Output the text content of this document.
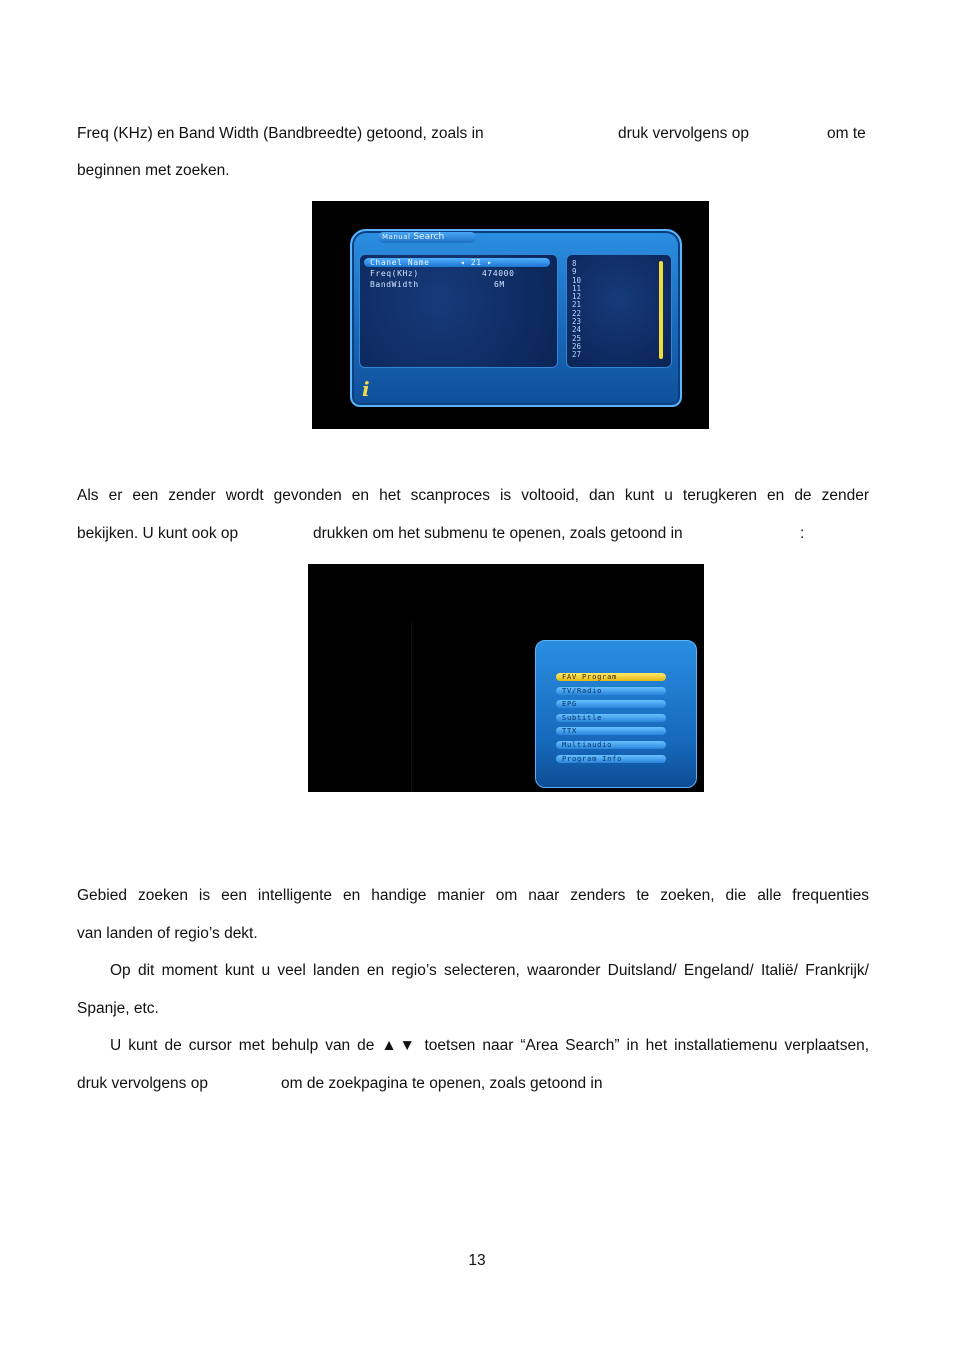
Freq (KHz) en Band Width (Bandbreedte) getoond, zoals in	druk vervolgens op	om te
beginnen met zoeken.
Manual Search
Chanel Name	◂ 21 ▸
Freq(KHz)	474000
BandWidth	6M
8
9
10
11
12
21
22
23
24
25
26
27
i
Als er een zender wordt gevonden en het scanproces is voltooid, dan kunt u terugkeren en de zender
bekijken. U kunt ook op	drukken om het submenu te openen, zoals getoond in	:
FAV Program
TV/Radio
EPG
Subtitle
TTX
Multiaudio
Program Info
Gebied zoeken is een intelligente en handige manier om naar zenders te zoeken, die alle frequenties
van landen of regio’s dekt.
Op dit moment kunt u veel landen en regio’s selecteren, waaronder Duitsland/ Engeland/ Italië/ Frankrijk/
Spanje, etc.
U kunt de cursor met behulp van de ▲▼ toetsen naar “Area Search” in het installatiemenu verplaatsen,
druk vervolgens op	om de zoekpagina te openen, zoals getoond in
13
